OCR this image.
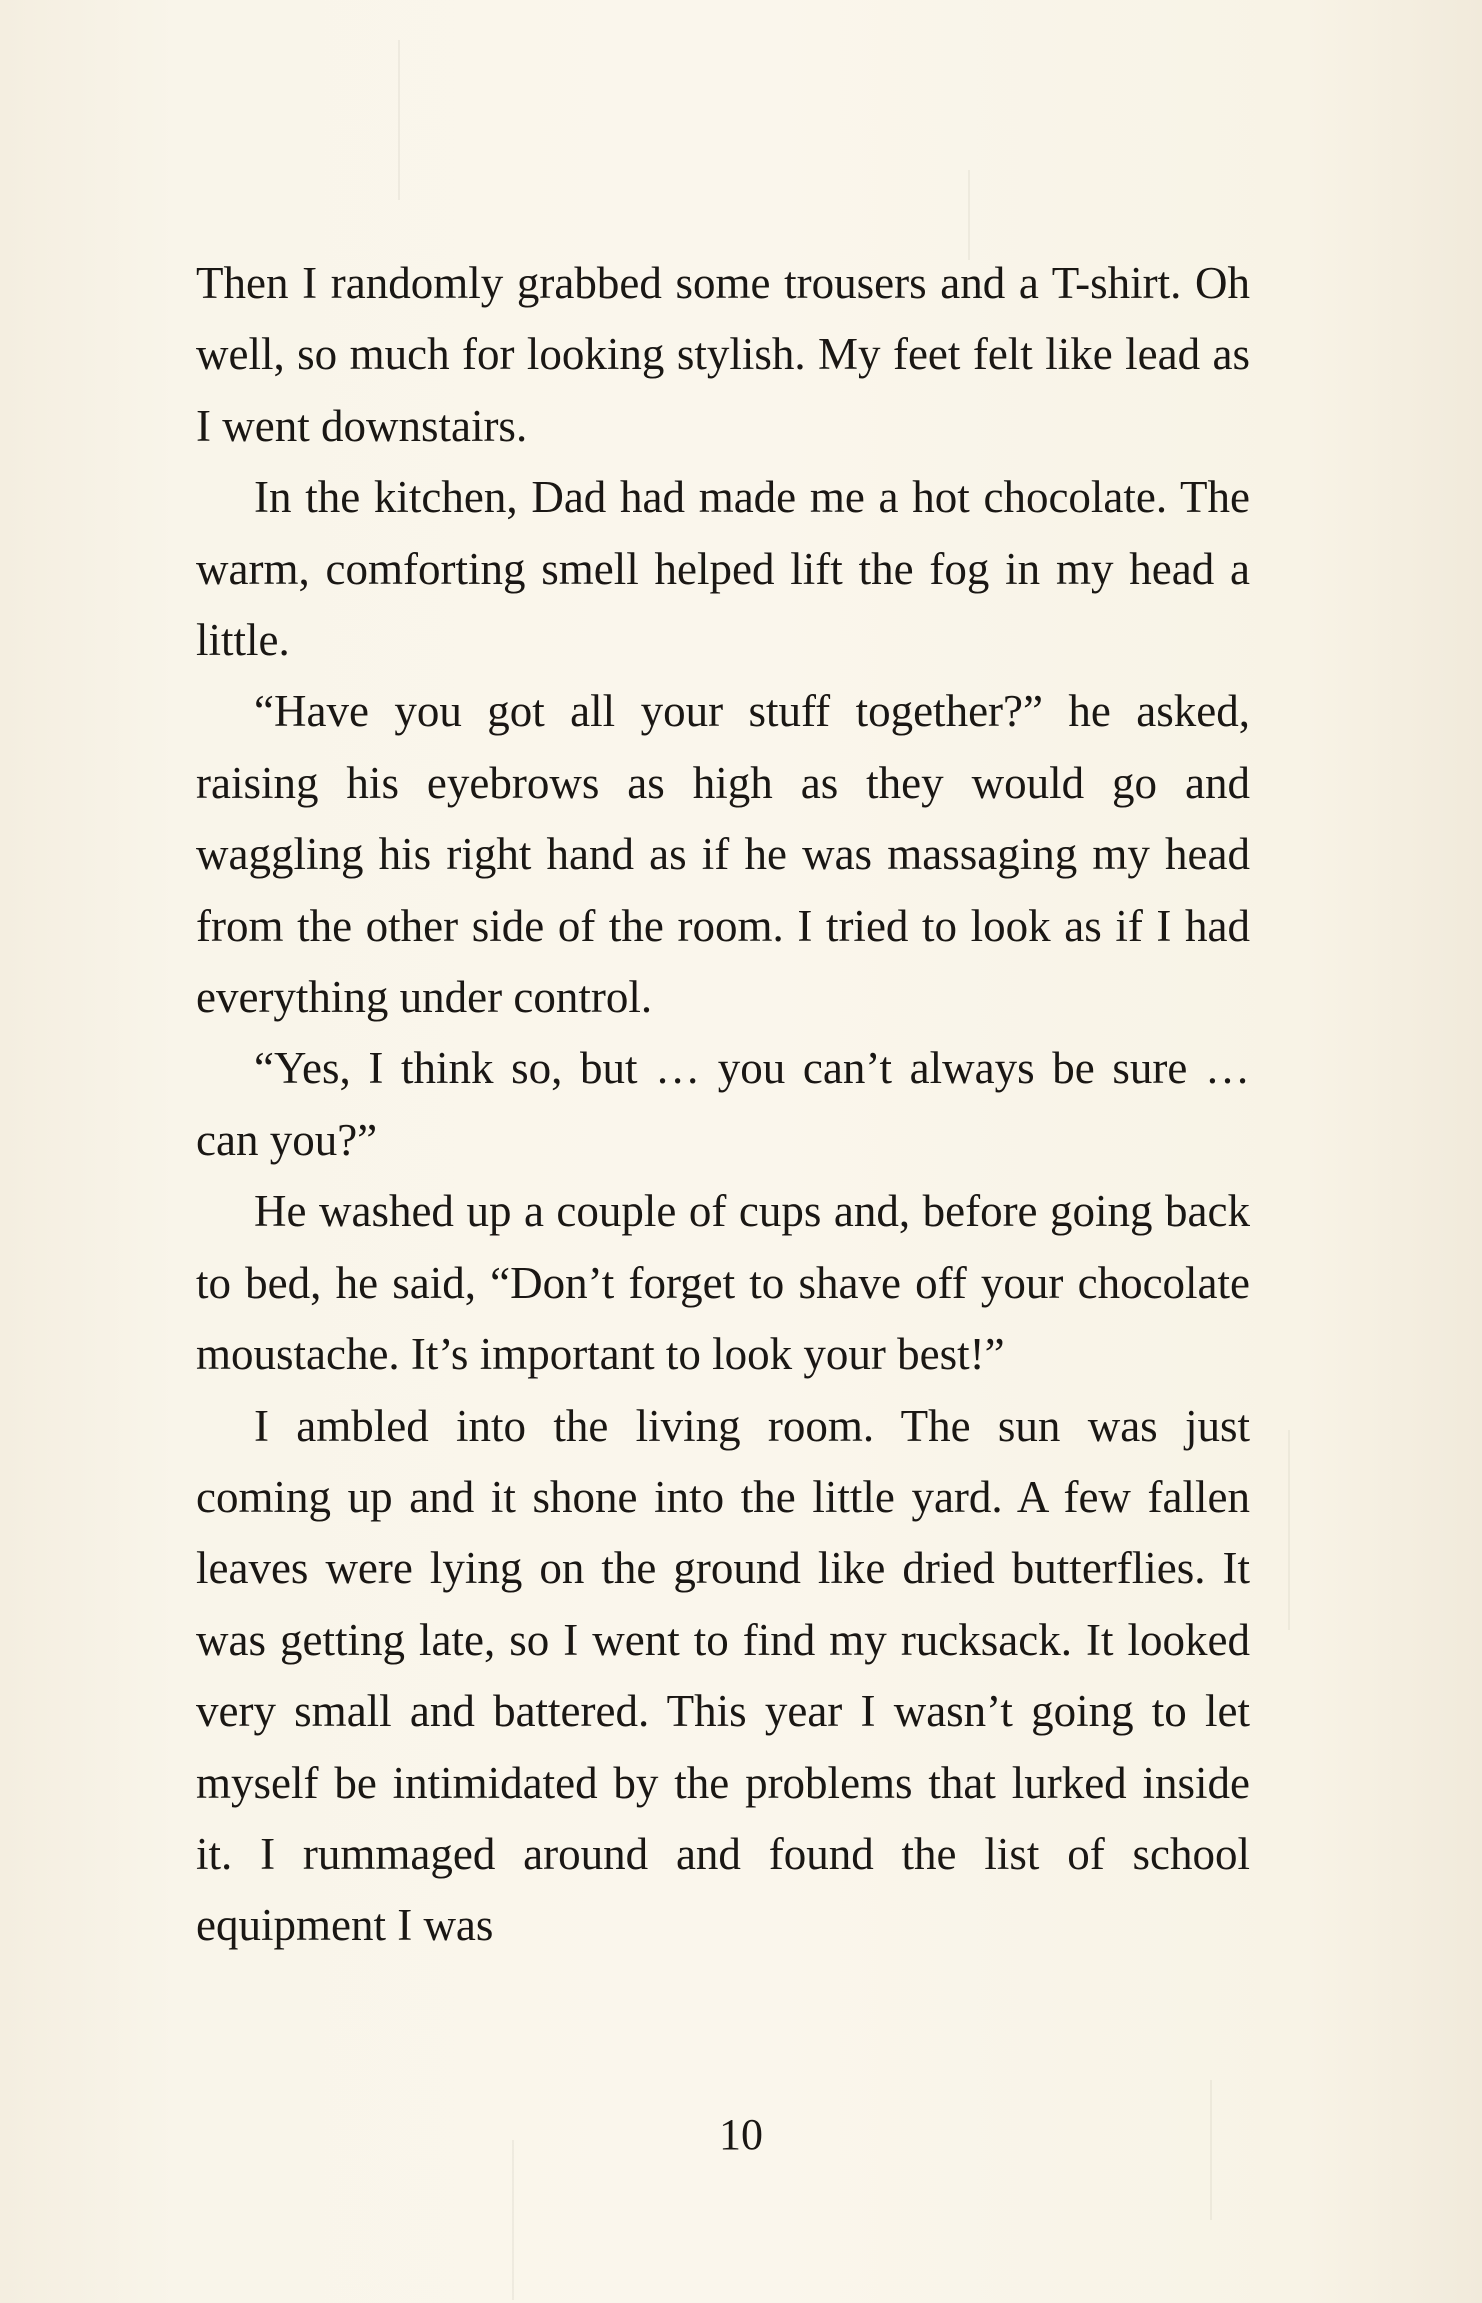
Then I randomly grabbed some trousers and a T-shirt. Oh well, so much for looking stylish. My feet felt like lead as I went downstairs.

In the kitchen, Dad had made me a hot chocolate. The warm, comforting smell helped lift the fog in my head a little.

“Have you got all your stuff together?” he asked, raising his eyebrows as high as they would go and waggling his right hand as if he was massaging my head from the other side of the room. I tried to look as if I had everything under control.

“Yes, I think so, but … you can’t always be sure … can you?”

He washed up a couple of cups and, before going back to bed, he said, “Don’t forget to shave off your chocolate moustache. It’s important to look your best!”

I ambled into the living room. The sun was just coming up and it shone into the little yard. A few fallen leaves were lying on the ground like dried butterflies. It was getting late, so I went to find my rucksack. It looked very small and battered. This year I wasn’t going to let myself be intimidated by the problems that lurked inside it. I rummaged around and found the list of school equipment I was

10
